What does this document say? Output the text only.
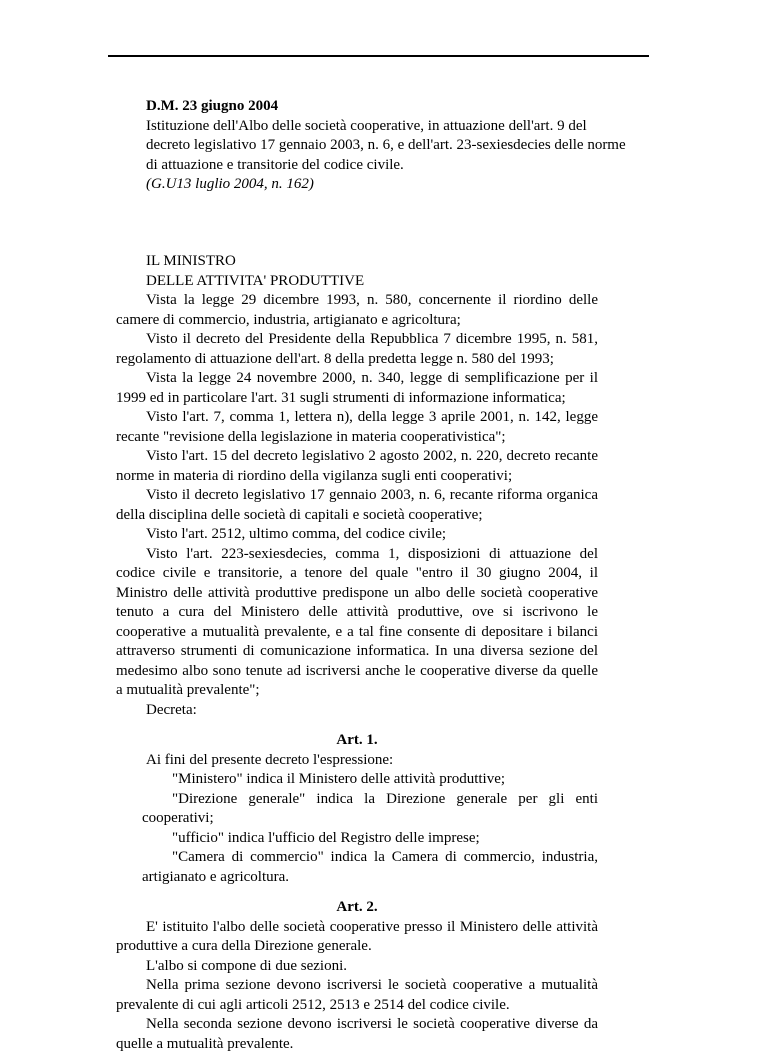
D.M. 23 giugno 2004
Istituzione dell'Albo delle società cooperative, in attuazione dell'art. 9 del decreto legislativo 17 gennaio 2003, n. 6, e dell'art. 23-sexiesdecies delle norme di attuazione e transitorie del codice civile.
(G.U13 luglio 2004, n. 162)

IL MINISTRO

DELLE ATTIVITA' PRODUTTIVE

Vista la legge 29 dicembre 1993, n. 580, concernente il riordino delle camere di commercio, industria, artigianato e agricoltura;

Visto il decreto del Presidente della Repubblica 7 dicembre 1995, n. 581, regolamento di attuazione dell'art. 8 della predetta legge n. 580 del 1993;

Vista la legge 24 novembre 2000, n. 340, legge di semplificazione per il 1999 ed in particolare l'art. 31 sugli strumenti di informazione informatica;

Visto l'art. 7, comma 1, lettera n), della legge 3 aprile 2001, n. 142, legge recante "revisione della legislazione in materia cooperativistica";

Visto l'art. 15 del decreto legislativo 2 agosto 2002, n. 220, decreto recante norme in materia di riordino della vigilanza sugli enti cooperativi;

Visto il decreto legislativo 17 gennaio 2003, n. 6, recante riforma organica della disciplina delle società di capitali e società cooperative;

Visto l'art. 2512, ultimo comma, del codice civile;

Visto l'art. 223-sexiesdecies, comma 1, disposizioni di attuazione del codice civile e transitorie, a tenore del quale "entro il 30 giugno 2004, il Ministro delle attività produttive predispone un albo delle società cooperative tenuto a cura del Ministero delle attività produttive, ove si iscrivono le cooperative a mutualità prevalente, e a tal fine consente di depositare i bilanci attraverso strumenti di comunicazione informatica. In una diversa sezione del medesimo albo sono tenute ad iscriversi anche le cooperative diverse da quelle a mutualità prevalente";

Decreta:

Art. 1.

Ai fini del presente decreto l'espressione:

"Ministero" indica il Ministero delle attività produttive;

"Direzione generale" indica la Direzione generale per gli enti cooperativi;

"ufficio" indica l'ufficio del Registro delle imprese;

"Camera di commercio" indica la Camera di commercio, industria, artigianato e agricoltura.

Art. 2.

E' istituito l'albo delle società cooperative presso il Ministero delle attività produttive a cura della Direzione generale.

L'albo si compone di due sezioni.

Nella prima sezione devono iscriversi le società cooperative a mutualità prevalente di cui agli articoli 2512, 2513 e 2514 del codice civile.

Nella seconda sezione devono iscriversi le società cooperative diverse da quelle a mutualità prevalente.
